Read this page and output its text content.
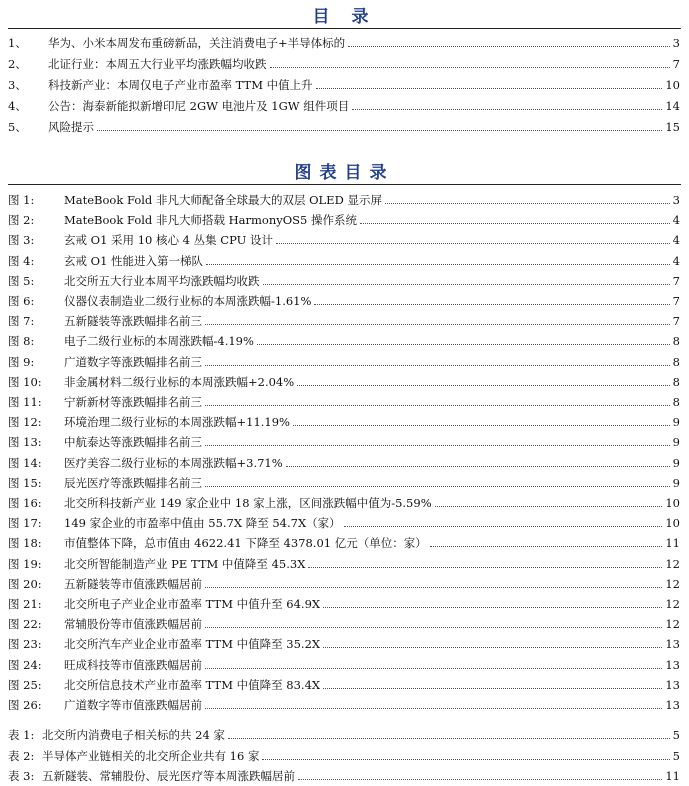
目 录
1、	华为、小米本周发布重磅新品，关注消费电子+半导体标的	3
2、	北证行业：本周五大行业平均涨跌幅均收跌	7
3、	科技新产业：本周仅电子产业市盈率 TTM 中值上升	10
4、	公告：海泰新能拟新增印尼 2GW 电池片及 1GW 组件项目	14
5、	风险提示	15
图表目录
图 1:	MateBook Fold 非凡大师配备全球最大的双层 OLED 显示屏	3
图 2:	MateBook Fold 非凡大师搭载 HarmonyOS5 操作系统	4
图 3:	玄戒 O1 采用 10 核心 4 丛集 CPU 设计	4
图 4:	玄戒 O1 性能进入第一梯队	4
图 5:	北交所五大行业本周平均涨跌幅均收跌	7
图 6:	仪器仪表制造业二级行业标的本周涨跌幅-1.61%	7
图 7:	五新隧装等涨跌幅排名前三	7
图 8:	电子二级行业标的本周涨跌幅-4.19%	8
图 9:	广道数字等涨跌幅排名前三	8
图 10:	非金属材料二级行业标的本周涨跌幅+2.04%	8
图 11:	宁新新材等涨跌幅排名前三	8
图 12:	环境治理二级行业标的本周涨跌幅+11.19%	9
图 13:	中航泰达等涨跌幅排名前三	9
图 14:	医疗美容二级行业标的本周涨跌幅+3.71%	9
图 15:	辰光医疗等涨跌幅排名前三	9
图 16:	北交所科技新产业 149 家企业中 18 家上涨，区间涨跌幅中值为-5.59%	10
图 17:	149 家企业的市盈率中值由 55.7X 降至 54.7X（家）	10
图 18:	市值整体下降，总市值由 4622.41 下降至 4378.01 亿元（单位：家）	11
图 19:	北交所智能制造产业 PE TTM 中值降至 45.3X	12
图 20:	五新隧装等市值涨跌幅居前	12
图 21:	北交所电子产业企业市盈率 TTM 中值升至 64.9X	12
图 22:	常辅股份等市值涨跌幅居前	12
图 23:	北交所汽车产业企业市盈率 TTM 中值降至 35.2X	13
图 24:	旺成科技等市值涨跌幅居前	13
图 25:	北交所信息技术产业市盈率 TTM 中值降至 83.4X	13
图 26:	广道数字等市值涨跌幅居前	13
表 1: 北交所内消费电子相关标的共 24 家	5
表 2: 半导体产业链相关的北交所企业共有 16 家	5
表 3: 五新隧装、常辅股份、辰光医疗等本周涨跌幅居前	11
